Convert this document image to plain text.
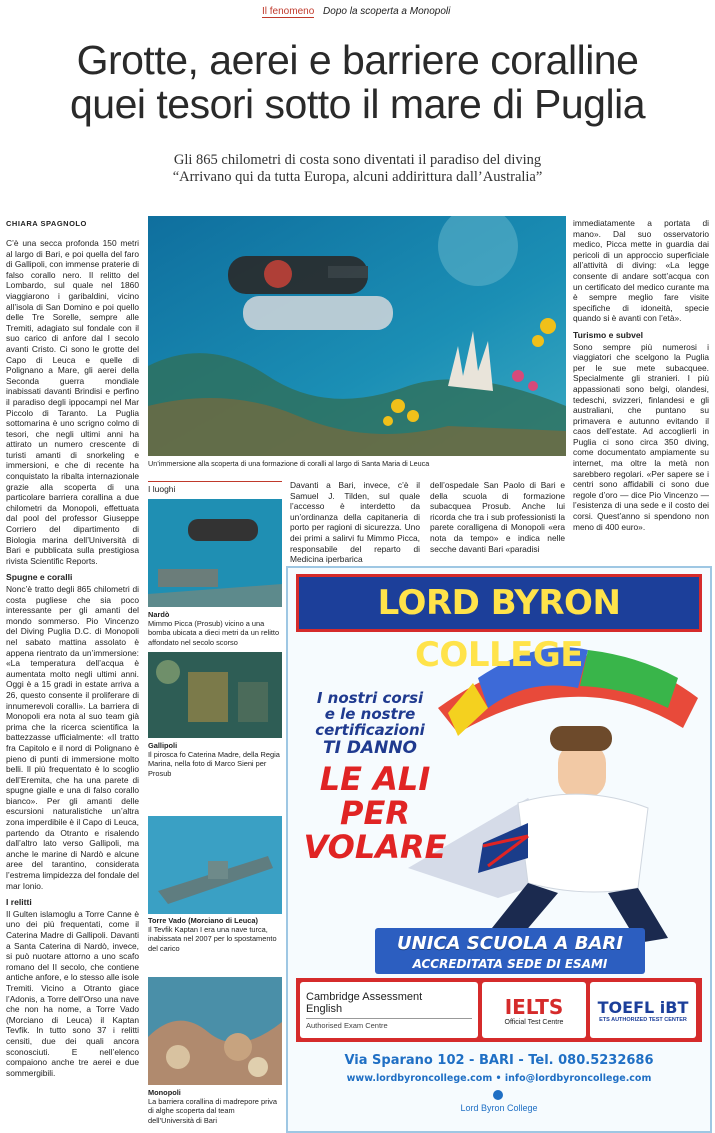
Il fenomeno Dopo la scoperta a Monopoli
Grotte, aerei e barriere coralline
quei tesori sotto il mare di Puglia
Gli 865 chilometri di costa sono diventati il paradiso del diving
“Arrivano qui da tutta Europa, alcuni addirittura dall’Australia”
CHIARA SPAGNOLO

C’è una secca profonda 150 metri al largo di Bari, e poi quella del faro di Gallipoli, con immense praterie di falso corallo nero. Il relitto del Lombardo, sul quale nel 1860 viaggiarono i garibaldini, vicino all’isola di San Domino e poi quello delle Tre Sorelle, sempre alle Tremiti, adagiato sul fondale con il suo carico di anfore dal I secolo avanti Cristo. Ci sono le grotte del Capo di Leuca e quelle di Polignano a Mare, gli aerei della Seconda guerra mondiale inabissati davanti Brindisi e perfino il paradiso degli ippocampi nel Mar Piccolo di Taranto. La Puglia sottomarina è uno scrigno colmo di tesori, che negli ultimi anni ha attirato un numero crescente di turisti amanti di snorkeling e immersioni, e che di recente ha conquistato la ribalta internazionale grazie alla scoperta di una particolare barriera corallina a due chilometri da Monopoli, effettuata dal pool del professor Giuseppe Corriero del dipartimento di Biologia marina dell’Università di Bari e pubblicata sulla prestigiosa rivista Scientific Reports.

Spugne e coralli

Nonc’è tratto degli 865 chilometri di costa pugliese che sia poco interessante per gli amanti del mondo sommerso. Pio Vincenzo del Diving Puglia D.C. di Monopoli nel sabato mattina assolato è appena rientrato da un’immersione: «La temperatura dell’acqua è aumentata molto negli ultimi anni. Oggi è a 15 gradi in estate arriva a 26, questo consente il proliferare di innumerevoli coralli». La barriera di Monopoli era nota al suo team già prima che la ricerca scientifica la battezzasse ufficialmente: «Il tratto fra Capitolo e il nord di Polignano è pieno di punti di immersione molto belli. Il più frequentato è lo scoglio dell’Eremita, che ha una parete di spugne gialle e una di falso corallo bianco». Per gli amanti delle escursioni naturalistiche un’altra zona imperdibile è il Capo di Leuca, partendo da Otranto e risalendo dall’altro lato verso Gallipoli, ma anche le marine di Nardò e alcune aree del tarantino, considerata l’estrema limpidezza del fondale del mar Ionio.

I relitti

Il Gulten islamoglu a Torre Canne è uno dei più frequentati, come il Caterina Madre di Gallipoli. Davanti a Santa Caterina di Nardò, invece, si può nuotare attorno a uno scafo romano del II secolo, che contiene antiche anfore, e lo stesso alle isole Tremiti. Vicino a Otranto giace l’Adonis, a Torre dell’Orso una nave che non ha nome, a Torre Vado (Morciano di Leuca) il Kaptan Tevfik. In tutto sono 37 i relitti censiti, due dei quali ancora sconosciuti. E nell’elenco compaiono anche tre aerei e due sommergibili.

Un’immersione alla scoperta di una formazione di coralli al largo di Santa Maria di Leuca
I luoghi
Nardò
Mimmo Picca (Prosub) vicino a una bomba ubicata a dieci metri da un relitto affondato nel secolo scorso
Gallipoli
Il pirosca fo Caterina Madre, della Regia Marina, nella foto di Marco Sieni per Prosub
Torre Vado (Morciano di Leuca)
Il Tevfik Kaptan I era una nave turca, inabissata nel 2007 per lo spostamento del carico
Monopoli
La barriera corallina di madrepore priva di alghe scoperta dal team dell’Università di Bari

Davanti a Bari, invece, c’è il Samuel J. Tilden, sul quale l’accesso è interdetto da un’ordinanza della capitaneria di porto per ragioni di sicurezza. Uno dei primi a salirvi fu Mimmo Picca, responsabile del reparto di Medicina iperbarica

dell’ospedale San Paolo di Bari e della scuola di formazione subacquea Prosub. Anche lui ricorda che tra i sub professionisti la parete coralligena di Monopoli «era nota da tempo» e indica nelle secche davanti Bari «paradisi

immediatamente a portata di mano». Dal suo osservatorio medico, Picca mette in guardia dai pericoli di un approccio superficiale all’attività di diving: «La legge consente di andare sott’acqua con un certificato del medico curante ma è sempre meglio fare visite specifiche di idoneità, specie quando si è avanti con l’età».

Turismo e subvel

Sono sempre più numerosi i viaggiatori che scelgono la Puglia per le sue mete subacquee. Specialmente gli stranieri. I più appassionati sono belgi, olandesi, tedeschi, svizzeri, finlandesi e gli australiani, che puntano su primavera e autunno evitando il caos dell’estate. Ad accoglierli in Puglia ci sono circa 350 diving, come documentato ampiamente su internet, ma oltre la metà non sarebbero regolari. «Per sapere se i centri sono affidabili ci sono due regole d’oro — dice Pio Vincenzo — l’esistenza di una sede e il costo dei corsi. Quest’anno si spendono non meno di 400 euro».

LORD BYRON COLLEGE
I nostri corsi
e le nostre
certificazioni
TI DANNO
LE ALI
PER
VOLARE
UNICA SCUOLA A BARI
ACCREDITATA SEDE DI ESAMI
Cambridge Assessment
English
Authorised Exam Centre
IELTS
Official Test Centre
TOEFL iBT
ETS AUTHORIZED TEST CENTER
Via Sparano 102 - BARI - Tel. 080.5232686
www.lordbyroncollege.com • info@lordbyroncollege.com
Lord Byron College
